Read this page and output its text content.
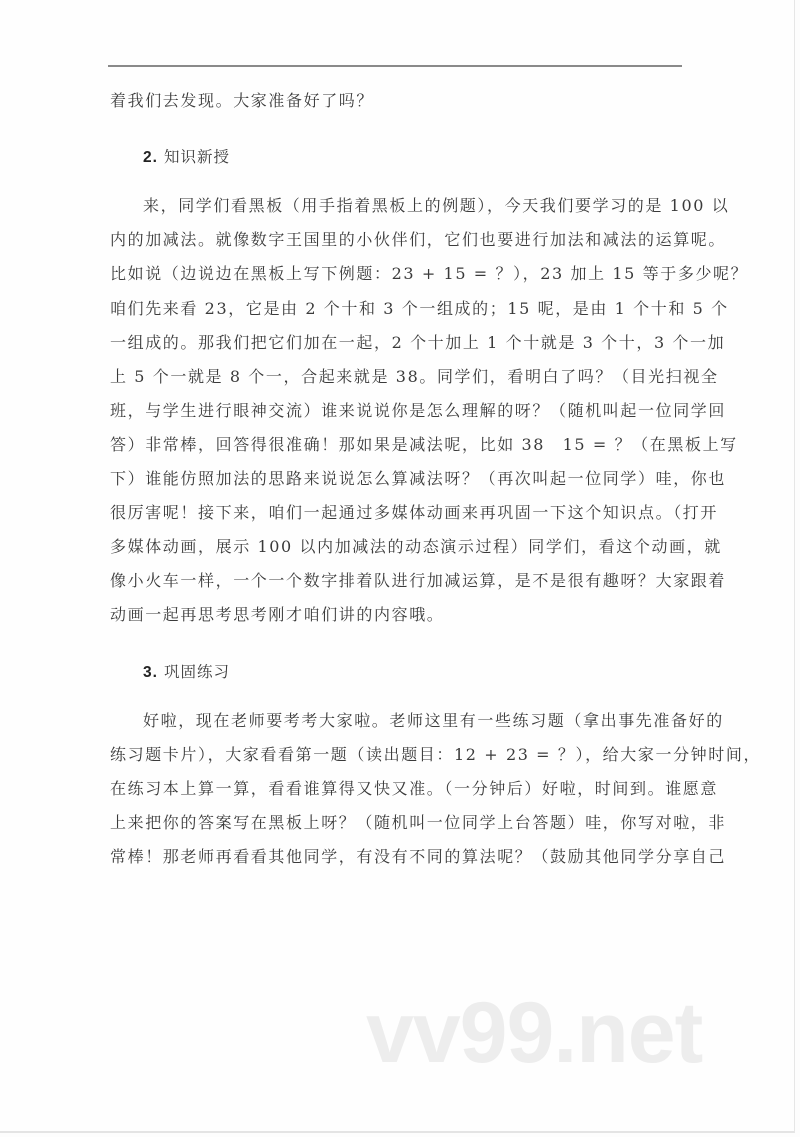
着我们去发现。大家准备好了吗？
2. 知识新授
来，同学们看黑板（用手指着黑板上的例题），今天我们要学习的是 100 以
内的加减法。就像数字王国里的小伙伴们，它们也要进行加法和减法的运算呢。
比如说（边说边在黑板上写下例题：23 + 15 = ？），23 加上 15 等于多少呢？
咱们先来看 23，它是由 2 个十和 3 个一组成的；15 呢，是由 1 个十和 5 个
一组成的。那我们把它们加在一起，2 个十加上 1 个十就是 3 个十，3 个一加
上 5 个一就是 8 个一，合起来就是 38。同学们，看明白了吗？（目光扫视全
班，与学生进行眼神交流）谁来说说你是怎么理解的呀？（随机叫起一位同学回
答）非常棒，回答得很准确！那如果是减法呢，比如 38　15 = ？（在黑板上写
下）谁能仿照加法的思路来说说怎么算减法呀？（再次叫起一位同学）哇，你也
很厉害呢！接下来，咱们一起通过多媒体动画来再巩固一下这个知识点。（打开
多媒体动画，展示 100 以内加减法的动态演示过程）同学们，看这个动画，就
像小火车一样，一个一个数字排着队进行加减运算，是不是很有趣呀？大家跟着
动画一起再思考思考刚才咱们讲的内容哦。
3. 巩固练习
好啦，现在老师要考考大家啦。老师这里有一些练习题（拿出事先准备好的
练习题卡片），大家看看第一题（读出题目：12 + 23 = ？），给大家一分钟时间，
在练习本上算一算，看看谁算得又快又准。（一分钟后）好啦，时间到。谁愿意
上来把你的答案写在黑板上呀？（随机叫一位同学上台答题）哇，你写对啦，非
常棒！那老师再看看其他同学，有没有不同的算法呢？（鼓励其他同学分享自己
vv99.net
